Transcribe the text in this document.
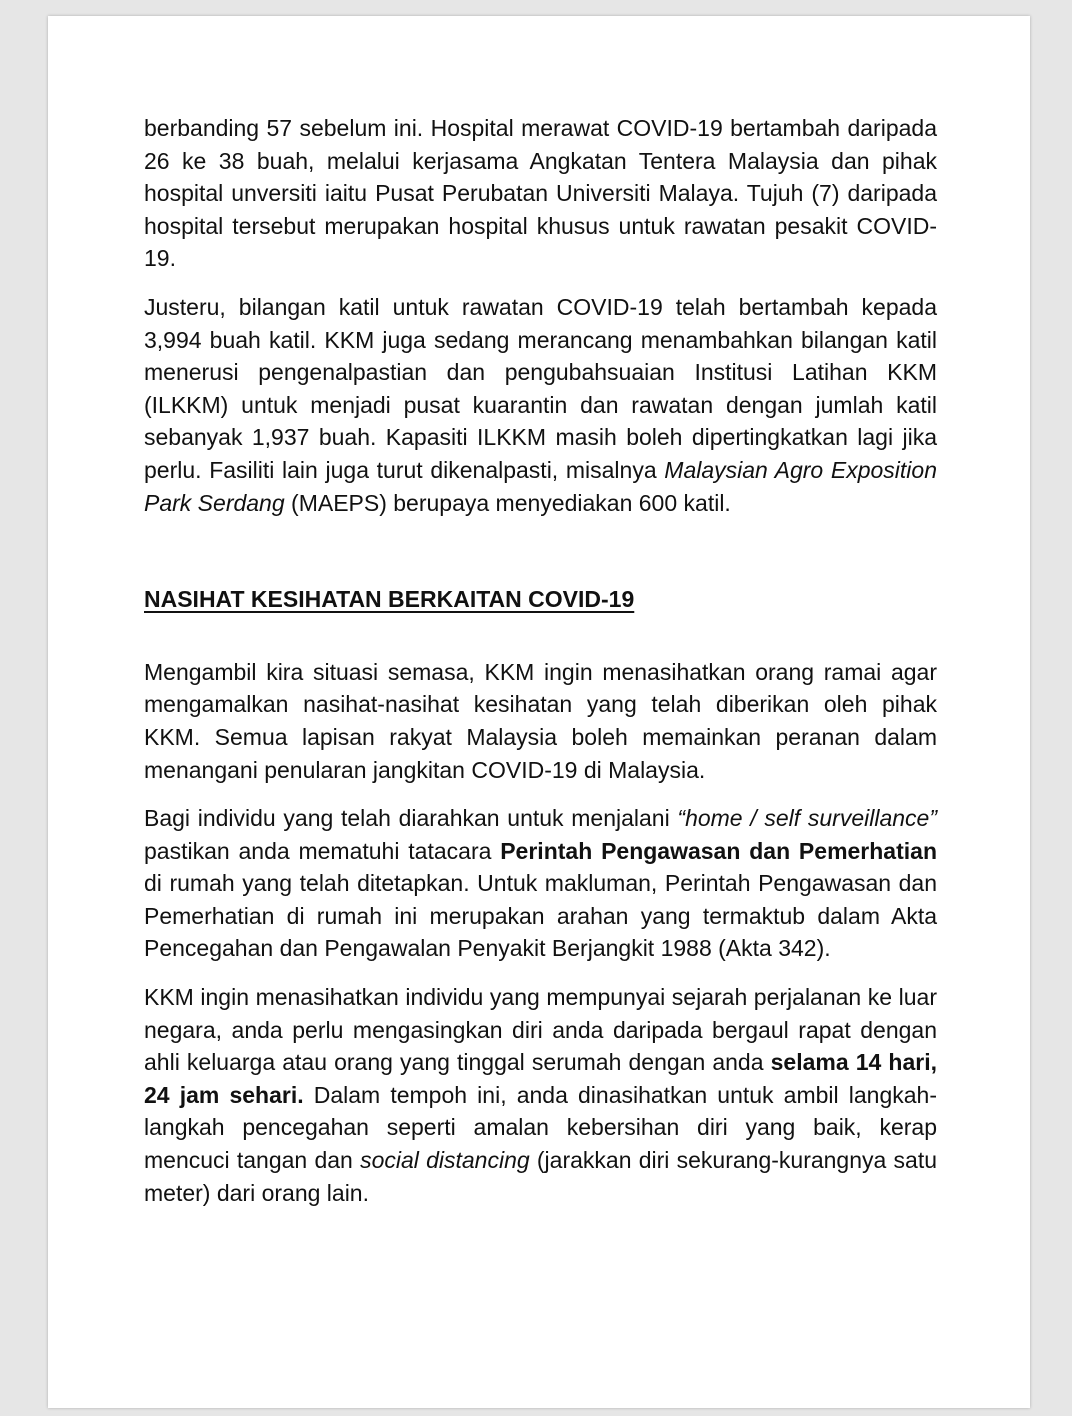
berbanding 57 sebelum ini. Hospital merawat COVID-19 bertambah daripada 26 ke 38 buah, melalui kerjasama Angkatan Tentera Malaysia dan pihak hospital unversiti iaitu Pusat Perubatan Universiti Malaya. Tujuh (7) daripada hospital tersebut merupakan hospital khusus untuk rawatan pesakit COVID-19.

Justeru, bilangan katil untuk rawatan COVID-19 telah bertambah kepada 3,994 buah katil. KKM juga sedang merancang menambahkan bilangan katil menerusi pengenalpastian dan pengubahsuaian Institusi Latihan KKM (ILKKM) untuk menjadi pusat kuarantin dan rawatan dengan jumlah katil sebanyak 1,937 buah. Kapasiti ILKKM masih boleh dipertingkatkan lagi jika perlu. Fasiliti lain juga turut dikenalpasti, misalnya Malaysian Agro Exposition Park Serdang (MAEPS) berupaya menyediakan 600 katil.

NASIHAT KESIHATAN BERKAITAN COVID-19

Mengambil kira situasi semasa, KKM ingin menasihatkan orang ramai agar mengamalkan nasihat-nasihat kesihatan yang telah diberikan oleh pihak KKM. Semua lapisan rakyat Malaysia boleh memainkan peranan dalam menangani penularan jangkitan COVID-19 di Malaysia.

Bagi individu yang telah diarahkan untuk menjalani “home / self surveillance” pastikan anda mematuhi tatacara Perintah Pengawasan dan Pemerhatian di rumah yang telah ditetapkan. Untuk makluman, Perintah Pengawasan dan Pemerhatian di rumah ini merupakan arahan yang termaktub dalam Akta Pencegahan dan Pengawalan Penyakit Berjangkit 1988 (Akta 342).

KKM ingin menasihatkan individu yang mempunyai sejarah perjalanan ke luar negara, anda perlu mengasingkan diri anda daripada bergaul rapat dengan ahli keluarga atau orang yang tinggal serumah dengan anda selama 14 hari, 24 jam sehari. Dalam tempoh ini, anda dinasihatkan untuk ambil langkah-langkah pencegahan seperti amalan kebersihan diri yang baik, kerap mencuci tangan dan social distancing (jarakkan diri sekurang-kurangnya satu meter) dari orang lain.
